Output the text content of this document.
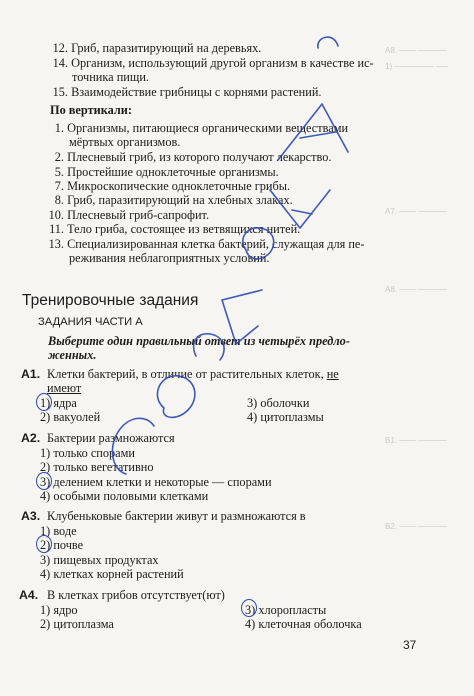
А8. ─── ─────
1) ─────── ──
А7. ─── ─────
А8. ─── ─────
В1. ─── ─────
В2. ─── ─────
12. Гриб, паразитирующий на деревьях.
14. Организм, использующий другой организм в качестве ис-
точника пищи.
15. Взаимодействие грибницы с корнями растений.
По вертикали:
1. Организмы, питающиеся органическими веществами
мёртвых организмов.
2. Плесневый гриб, из которого получают лекарство.
5. Простейшие одноклеточные организмы.
7. Микроскопические одноклеточные грибы.
8. Гриб, паразитирующий на хлебных злаках.
10. Плесневый гриб-сапрофит.
11. Тело гриба, состоящее из ветвящихся нитей.
13. Специализированная клетка бактерий, служащая для пе-
реживания неблагоприятных условий.
Тренировочные задания
ЗАДАНИЯ ЧАСТИ А
Выберите один правильный ответ из четырёх предло-
женных.
A1. Клетки бактерий, в отличие от растительных клеток, не
имеют
1) ядра	3) оболочки
2) вакуолей	4) цитоплазмы
A2. Бактерии размножаются
1) только спорами
2) только вегетативно
3) делением клетки и некоторые — спорами
4) особыми половыми клетками
A3. Клубеньковые бактерии живут и размножаются в
1) воде
2) почве
3) пищевых продуктах
4) клетках корней растений
A4. В клетках грибов отсутствует(ют)
1) ядро	3) хлоропласты
2) цитоплазма	4) клеточная оболочка
37
